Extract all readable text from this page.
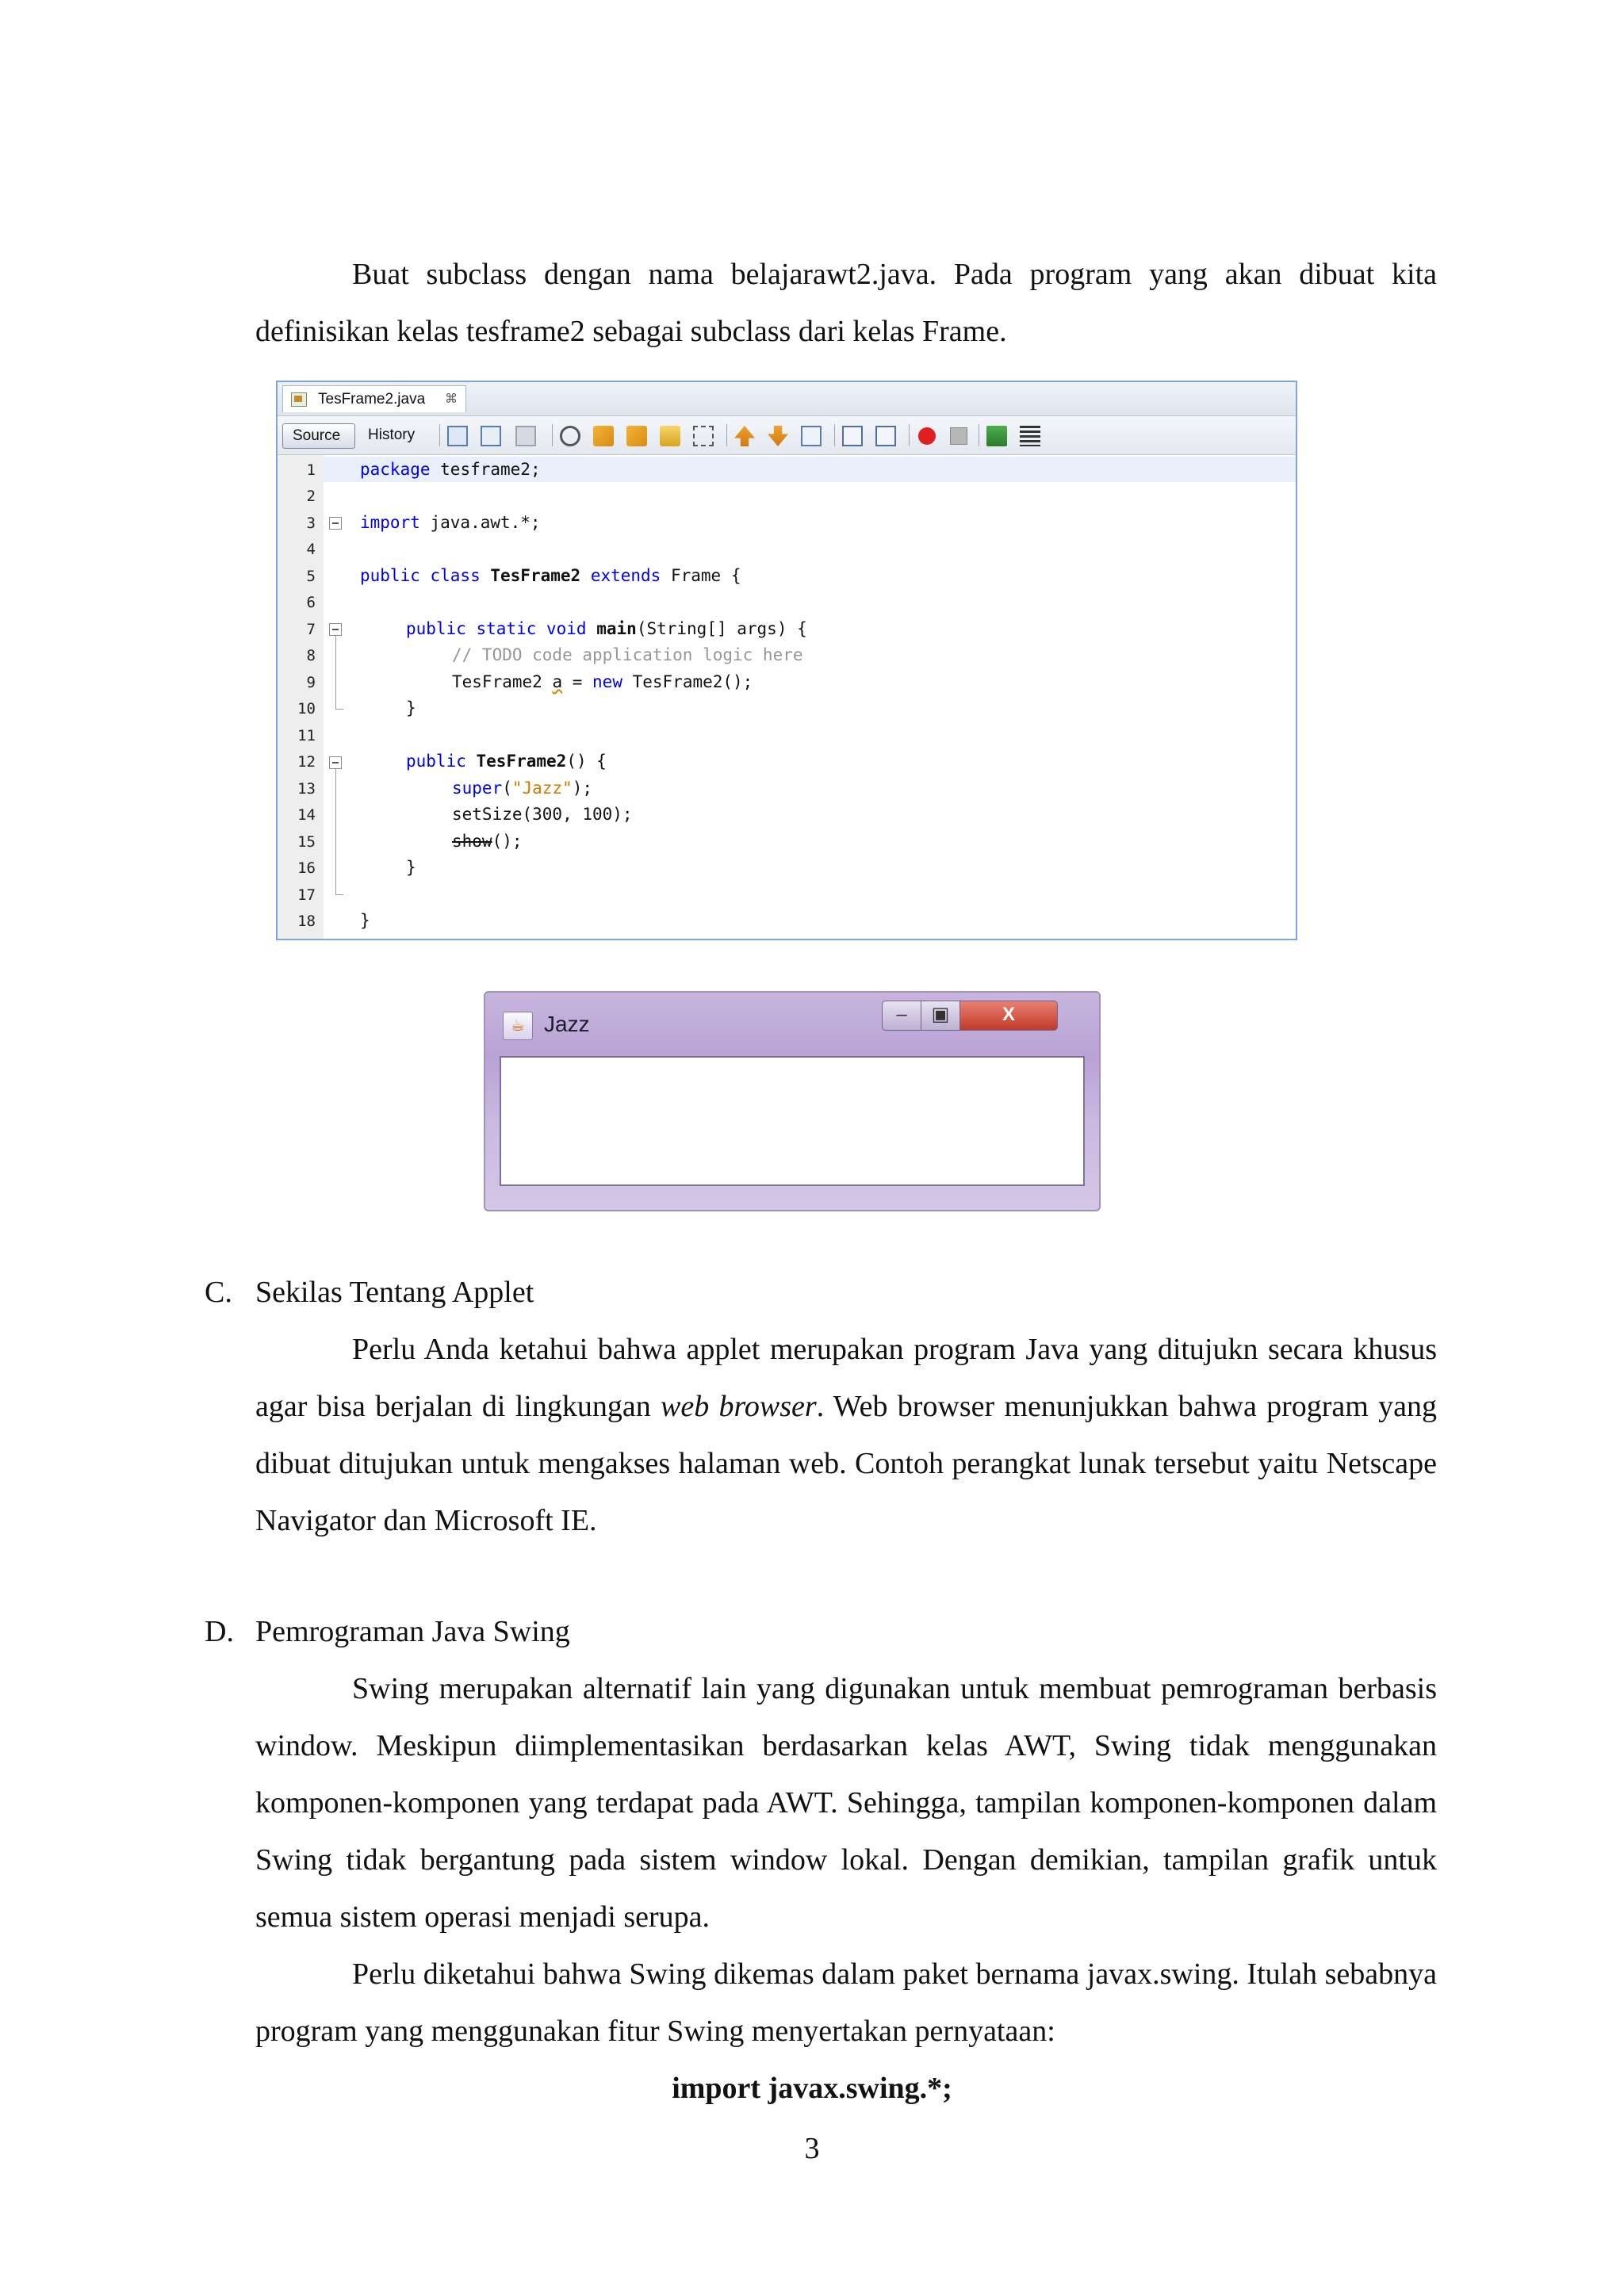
Buat subclass dengan nama belajarawt2.java. Pada program yang akan dibuat kita definisikan kelas tesframe2 sebagai subclass dari kelas Frame.

TesFrame2.java ⌘
Source	History
1
2
3
4
5
6
7
8
9
10
11
12
13
14
15
16
17
18
package tesframe2;
import java.awt.*;
public class TesFrame2 extends Frame {
public static void main(String[] args) {
// TODO code application logic here
TesFrame2 a = new TesFrame2();
}
public TesFrame2() {
super("Jazz");
setSize(300, 100);
show();
}
}
☕ Jazz	‒	▣	X

C. Sekilas Tentang Applet

Perlu Anda ketahui bahwa applet merupakan program Java yang ditujukn secara khusus agar bisa berjalan di lingkungan web browser. Web browser menunjukkan bahwa program yang dibuat ditujukan untuk mengakses halaman web. Contoh perangkat lunak tersebut yaitu Netscape Navigator dan Microsoft IE.

D. Pemrograman Java Swing

Swing merupakan alternatif lain yang digunakan untuk membuat pemrograman berbasis window. Meskipun diimplementasikan berdasarkan kelas AWT, Swing tidak menggunakan komponen-komponen yang terdapat pada AWT. Sehingga, tampilan komponen-komponen dalam Swing tidak bergantung pada sistem window lokal. Dengan demikian, tampilan grafik untuk semua sistem operasi menjadi serupa.

Perlu diketahui bahwa Swing dikemas dalam paket bernama javax.swing. Itulah sebabnya program yang menggunakan fitur Swing menyertakan pernyataan:

import javax.swing.*;
3
